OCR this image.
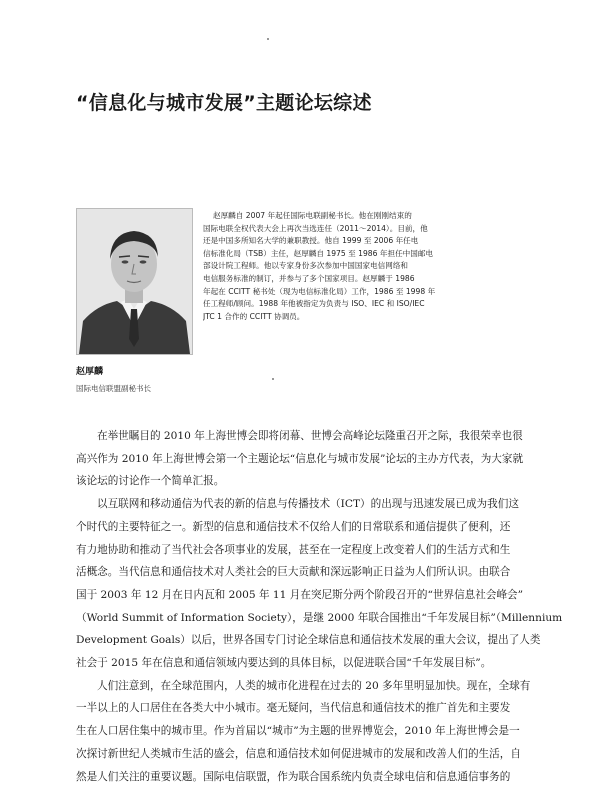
“信息化与城市发展”主题论坛综述
赵厚麟自 2007 年起任国际电联副秘书长。他在刚刚结束的
国际电联全权代表大会上再次当选连任（2011～2014）。目前，他
还是中国多所知名大学的兼职教授。他自 1999 至 2006 年任电
信标准化局（TSB）主任，赵厚麟自 1975 至 1986 年担任中国邮电
部设计院工程师。他以专家身份多次参加中国国家电信网络和
电信服务标准的制订，并参与了多个国家项目。赵厚麟于 1986
年起在 CCITT 秘书处（现为电信标准化局）工作，1986 至 1998 年
任工程师/顾问。1988 年他被指定为负责与 ISO、IEC 和 ISO/IEC
JTC 1 合作的 CCITT 协调员。
赵厚麟
国际电信联盟副秘书长
在举世瞩目的 2010 年上海世博会即将闭幕、世博会高峰论坛隆重召开之际，我很荣幸也很
高兴作为 2010 年上海世博会第一个主题论坛“信息化与城市发展”论坛的主办方代表，为大家就
该论坛的讨论作一个简单汇报。
以互联网和移动通信为代表的新的信息与传播技术（ICT）的出现与迅速发展已成为我们这
个时代的主要特征之一。新型的信息和通信技术不仅给人们的日常联系和通信提供了便利，还
有力地协助和推动了当代社会各项事业的发展，甚至在一定程度上改变着人们的生活方式和生
活概念。当代信息和通信技术对人类社会的巨大贡献和深远影响正日益为人们所认识。由联合
国于 2003 年 12 月在日内瓦和 2005 年 11 月在突尼斯分两个阶段召开的“世界信息社会峰会”
（World Summit of Information Society），是继 2000 年联合国推出“千年发展目标”（Millennium
Development Goals）以后，世界各国专门讨论全球信息和通信技术发展的重大会议，提出了人类
社会于 2015 年在信息和通信领域内要达到的具体目标，以促进联合国“千年发展目标”。
人们注意到，在全球范围内，人类的城市化进程在过去的 20 多年里明显加快。现在，全球有
一半以上的人口居住在各类大中小城市。毫无疑问，当代信息和通信技术的推广首先和主要发
生在人口居住集中的城市里。作为首届以“城市”为主题的世界博览会，2010 年上海世博会是一
次探讨新世纪人类城市生活的盛会，信息和通信技术如何促进城市的发展和改善人们的生活，自
然是人们关注的重要议题。国际电信联盟，作为联合国系统内负责全球电信和信息通信事务的
